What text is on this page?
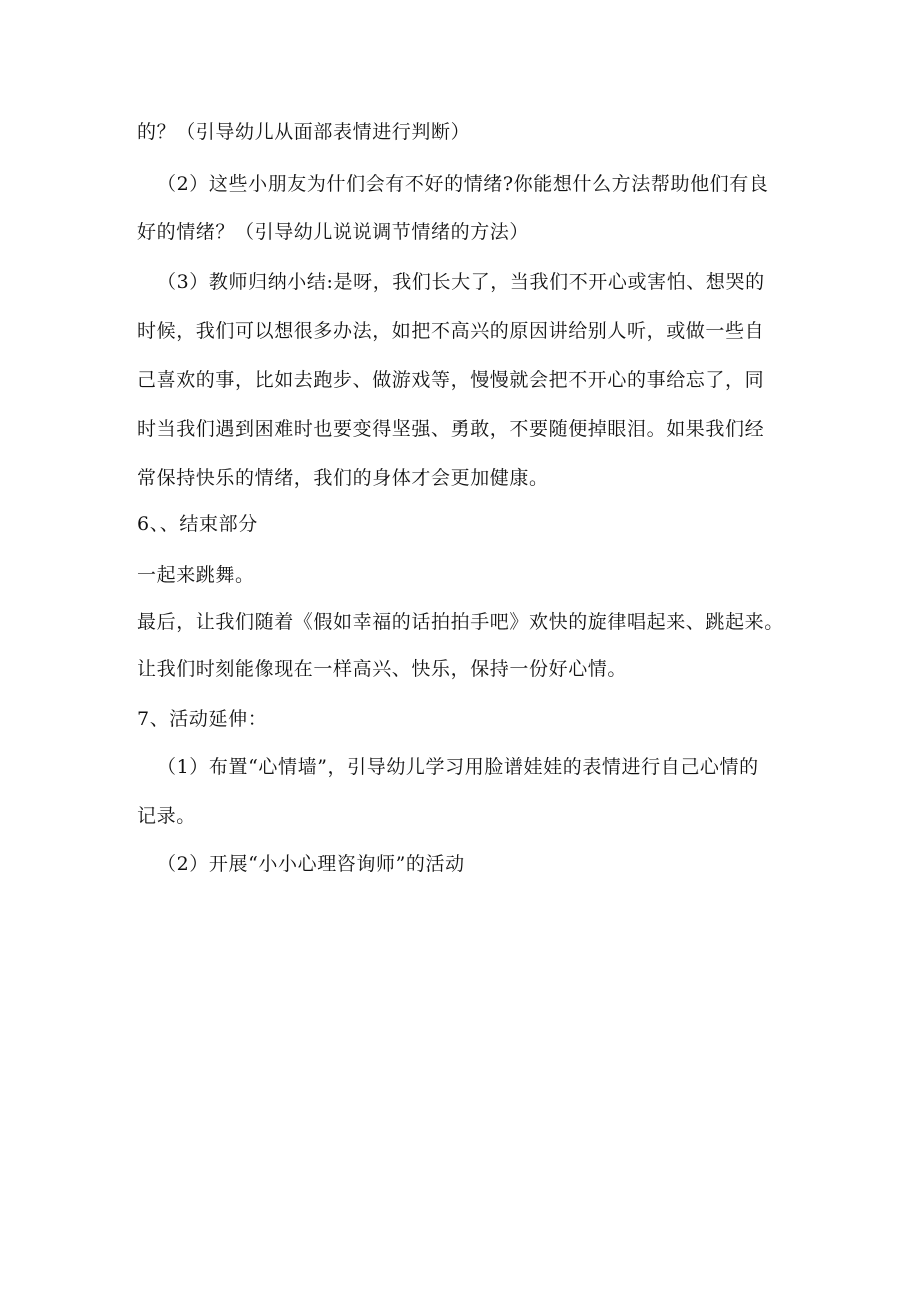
的？（引导幼儿从面部表情进行判断）
（2）这些小朋友为什们会有不好的情绪?你能想什么方法帮助他们有良
好的情绪？（引导幼儿说说调节情绪的方法）
（3）教师归纳小结:是呀，我们长大了，当我们不开心或害怕、想哭的
时候，我们可以想很多办法，如把不高兴的原因讲给别人听，或做一些自
己喜欢的事，比如去跑步、做游戏等，慢慢就会把不开心的事给忘了，同
时当我们遇到困难时也要变得坚强、勇敢，不要随便掉眼泪。如果我们经
常保持快乐的情绪，我们的身体才会更加健康。
6、、结束部分
一起来跳舞。
最后，让我们随着《假如幸福的话拍拍手吧》欢快的旋律唱起来、跳起来。
让我们时刻能像现在一样高兴、快乐，保持一份好心情。
7、活动延伸：
（1）布置“心情墙”，引导幼儿学习用脸谱娃娃的表情进行自己心情的
记录。
（2）开展“小小心理咨询师”的活动
